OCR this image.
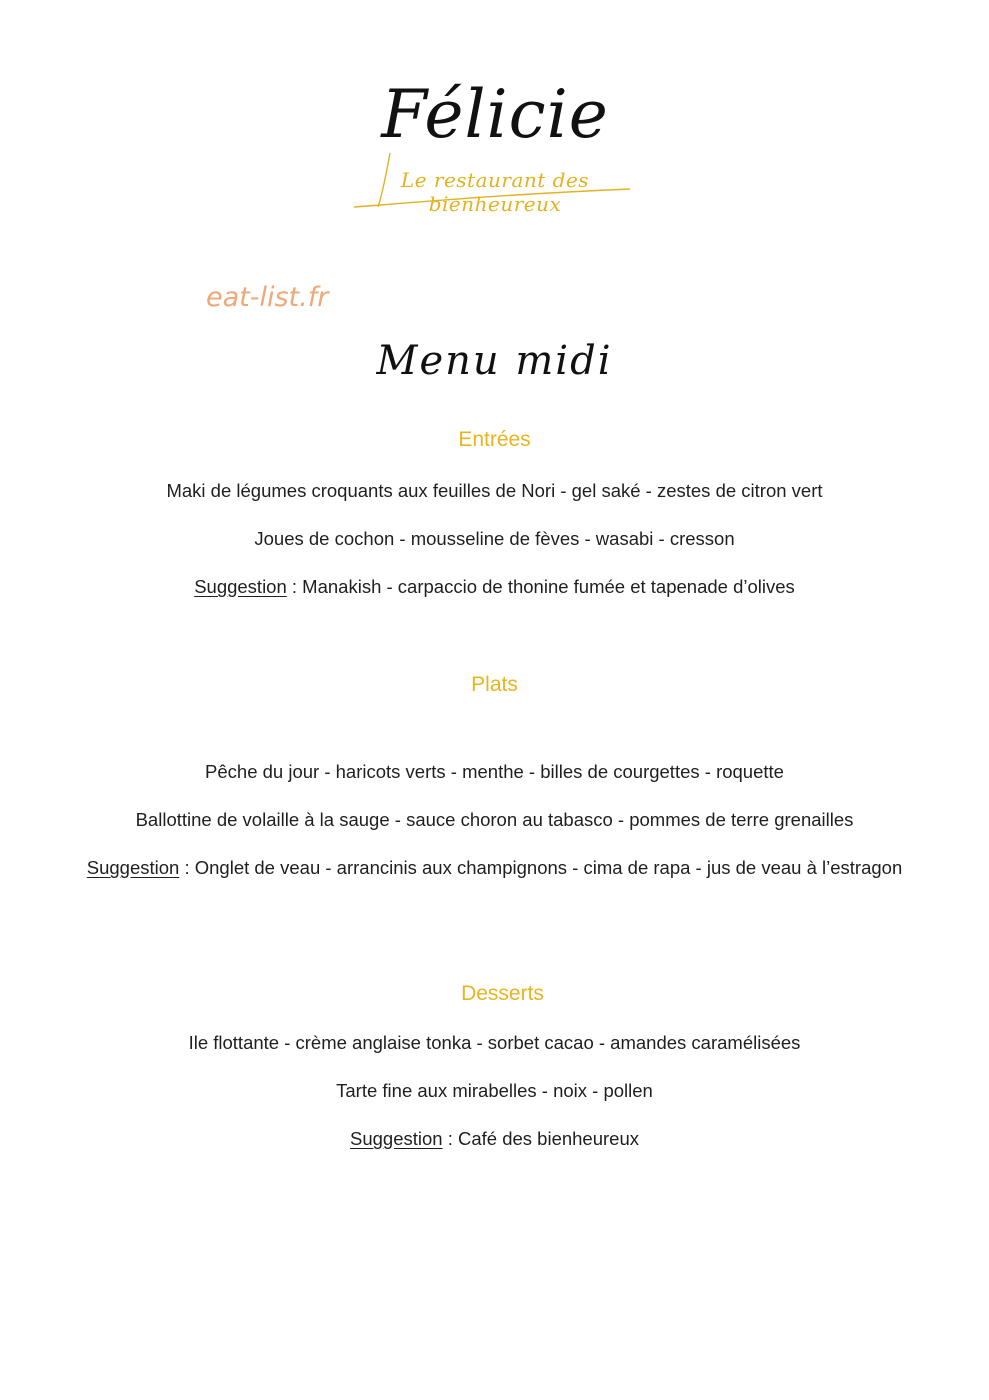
Félicie
Le restaurant des bienheureux
eat-list.fr
Menu midi
Entrées
Maki de légumes croquants aux feuilles de Nori - gel saké - zestes de citron vert
Joues de cochon - mousseline de fèves - wasabi - cresson
Suggestion : Manakish - carpaccio de thonine fumée et tapenade d’olives
Plats
Pêche du jour - haricots verts - menthe - billes de courgettes - roquette
Ballottine de volaille à la sauge - sauce choron au tabasco - pommes de terre grenailles
Suggestion : Onglet de veau - arrancinis aux champignons - cima de rapa - jus de veau à l’estragon
Desserts
Ile flottante - crème anglaise tonka - sorbet cacao - amandes caramélisées
Tarte fine aux mirabelles - noix - pollen
Suggestion : Café des bienheureux
